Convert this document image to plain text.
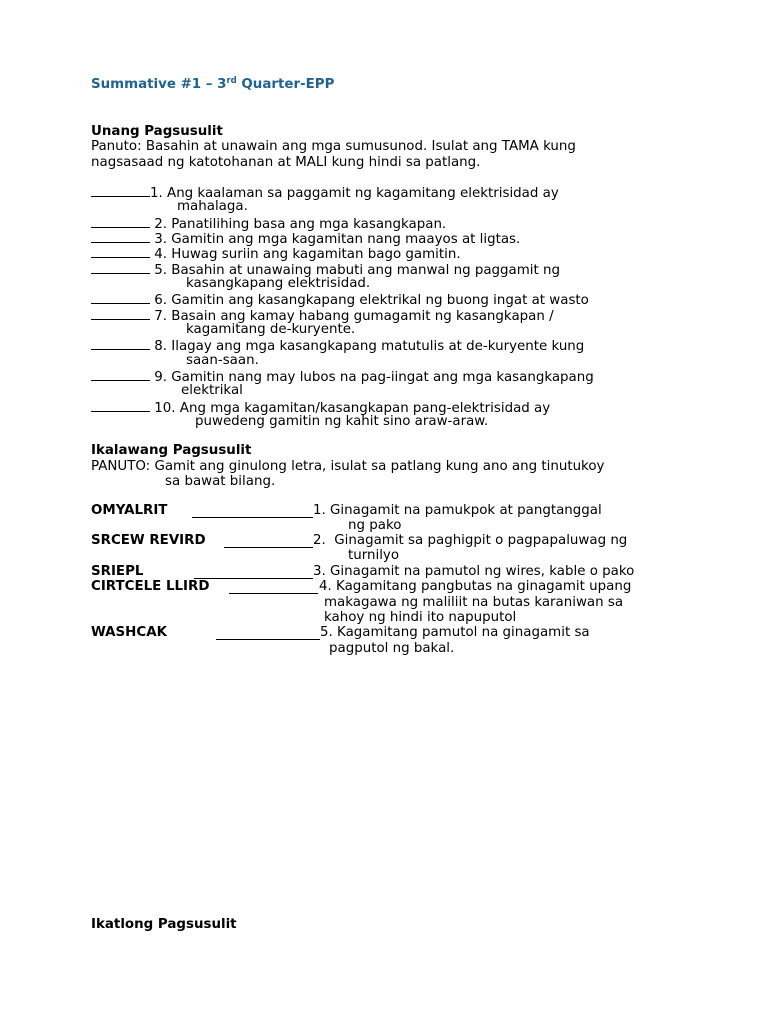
Summative #1 – 3rd Quarter-EPP
Unang Pagsusulit
Panuto: Basahin at unawain ang mga sumusunod. Isulat ang TAMA kung
nagsasaad ng katotohanan at MALI kung hindi sa patlang.
1. Ang kaalaman sa paggamit ng kagamitang elektrisidad ay
mahalaga.
2. Panatilihing basa ang mga kasangkapan.
3. Gamitin ang mga kagamitan nang maayos at ligtas.
4. Huwag suriin ang kagamitan bago gamitin.
5. Basahin at unawaing mabuti ang manwal ng paggamit ng
kasangkapang elektrisidad.
6. Gamitin ang kasangkapang elektrikal ng buong ingat at wasto
7. Basain ang kamay habang gumagamit ng kasangkapan /
kagamitang de-kuryente.
8. Ilagay ang mga kasangkapang matutulis at de-kuryente kung
saan-saan.
9. Gamitin nang may lubos na pag-iingat ang mga kasangkapang
elektrikal
10. Ang mga kagamitan/kasangkapan pang-elektrisidad ay
puwedeng gamitin ng kahit sino araw-araw.
Ikalawang Pagsusulit
PANUTO: Gamit ang ginulong letra, isulat sa patlang kung ano ang tinutukoy
sa bawat bilang.
OMYALRIT	1. Ginagamit na pamukpok at pangtanggal
ng pako
SRCEW REVIRD	2.  Ginagamit sa paghigpit o pagpapaluwag ng
turnilyo
SRIEPL	3. Ginagamit na pamutol ng wires, kable o pako
CIRTCELE LLIRD	4. Kagamitang pangbutas na ginagamit upang
makagawa ng maliliit na butas karaniwan sa
kahoy ng hindi ito napuputol
WASHCAK	5. Kagamitang pamutol na ginagamit sa
pagputol ng bakal.
Ikatlong Pagsusulit
